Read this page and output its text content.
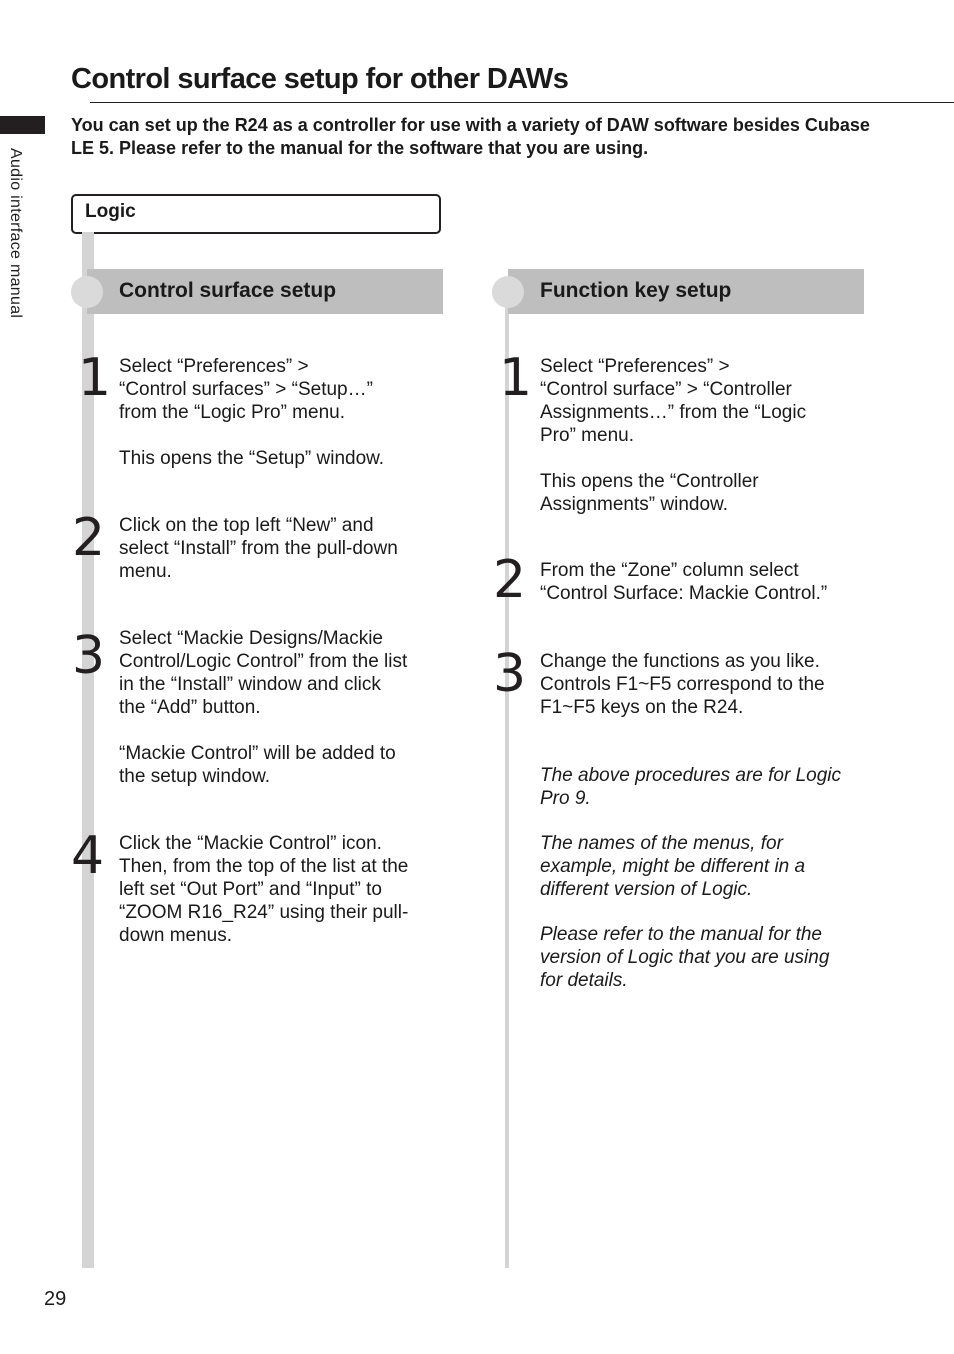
Audio interface manual
Control surface setup for other DAWs

You can set up the R24 as a controller for use with a variety of DAW software besides Cubase LE 5. Please refer to the manual for the software that you are using.

Logic
Control surface setup
1 Select “Preferences” >
“Control surfaces” > “Setup…”
from the “Logic Pro” menu.

This opens the “Setup” window.

2 Click on the top left “New” and
select “Install” from the pull-down
menu.

3 Select “Mackie Designs/Mackie
Control/Logic Control” from the list
in the “Install” window and click
the “Add” button.

“Mackie Control” will be added to
the setup window.

4 Click the “Mackie Control” icon.
Then, from the top of the list at the
left set “Out Port” and “Input” to
“ZOOM R16_R24” using their pull-
down menus.

Function key setup
1 Select “Preferences” >
“Control surface” > “Controller
Assignments…” from the “Logic
Pro” menu.

This opens the “Controller
Assignments” window.

2 From the “Zone” column select
“Control Surface: Mackie Control.”

3 Change the functions as you like.
Controls F1~F5 correspond to the
F1~F5 keys on the R24.

The above procedures are for Logic
Pro 9.

The names of the menus, for
example, might be different in a
different version of Logic.

Please refer to the manual for the
version of Logic that you are using
for details.

29
